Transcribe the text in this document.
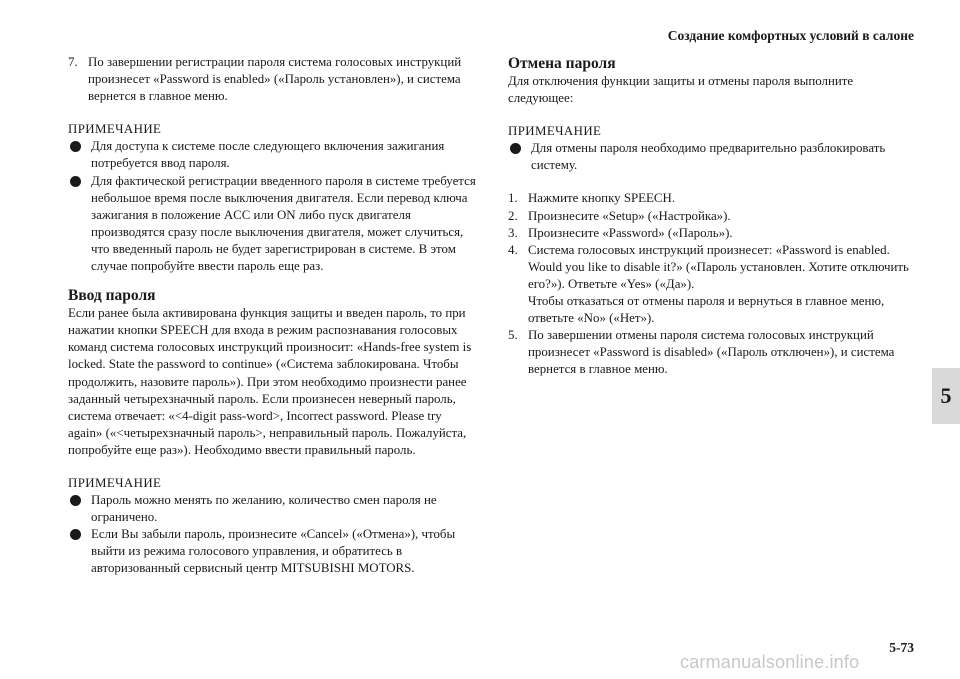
Создание комфортных условий в салоне
7. По завершении регистрации пароля система голосовых инструкций произнесет «Password is enabled» («Пароль установлен»), и система вернется в главное меню.

ПРИМЕЧАНИЕ

Для доступа к системе после следующего включения зажигания потребуется ввод пароля.
Для фактической регистрации введенного пароля в системе требуется небольшое время после выключения двигателя. Если перевод ключа зажигания в положение ACC или ON либо пуск двигателя производятся сразу после выключения двигателя, может случиться, что введенный пароль не будет зарегистрирован в системе. В этом случае попробуйте ввести пароль еще раз.
Ввод пароля

Если ранее была активирована функция защиты и введен пароль, то при нажатии кнопки SPEECH для входа в режим распознавания голосовых команд система голосовых инструкций произносит: «Hands-free system is locked. State the password to continue» («Система заблокирована. Чтобы продолжить, назовите пароль»). При этом необходимо произнести ранее заданный четырехзначный пароль. Если произнесен неверный пароль, система отвечает: «<4-digit pass-word>, Incorrect password. Please try again» («<четырехзначный пароль>, неправильный пароль. Пожалуйста, попробуйте еще раз»). Необходимо ввести правильный пароль.

ПРИМЕЧАНИЕ

Пароль можно менять по желанию, количество смен пароля не ограничено.
Если Вы забыли пароль, произнесите «Cancel» («Отмена»), чтобы выйти из режима голосового управления, и обратитесь в авторизованный сервисный центр MITSUBISHI MOTORS.
Отмена пароля

Для отключения функции защиты и отмены пароля выполните следующее:

ПРИМЕЧАНИЕ

Для отмены пароля необходимо предварительно разблокировать систему.
1. Нажмите кнопку SPEECH.
2. Произнесите «Setup» («Настройка»).
3. Произнесите «Password» («Пароль»).
4. Система голосовых инструкций произнесет: «Password is enabled. Would you like to disable it?» («Пароль установлен. Хотите отключить его?»). Ответьте «Yes» («Да»).
Чтобы отказаться от отмены пароля и вернуться в главное меню, ответьте «No» («Нет»).
5. По завершении отмены пароля система голосовых инструкций произнесет «Password is disabled» («Пароль отключен»), и система вернется в главное меню.
5
5-73
carmanualsonline.info
